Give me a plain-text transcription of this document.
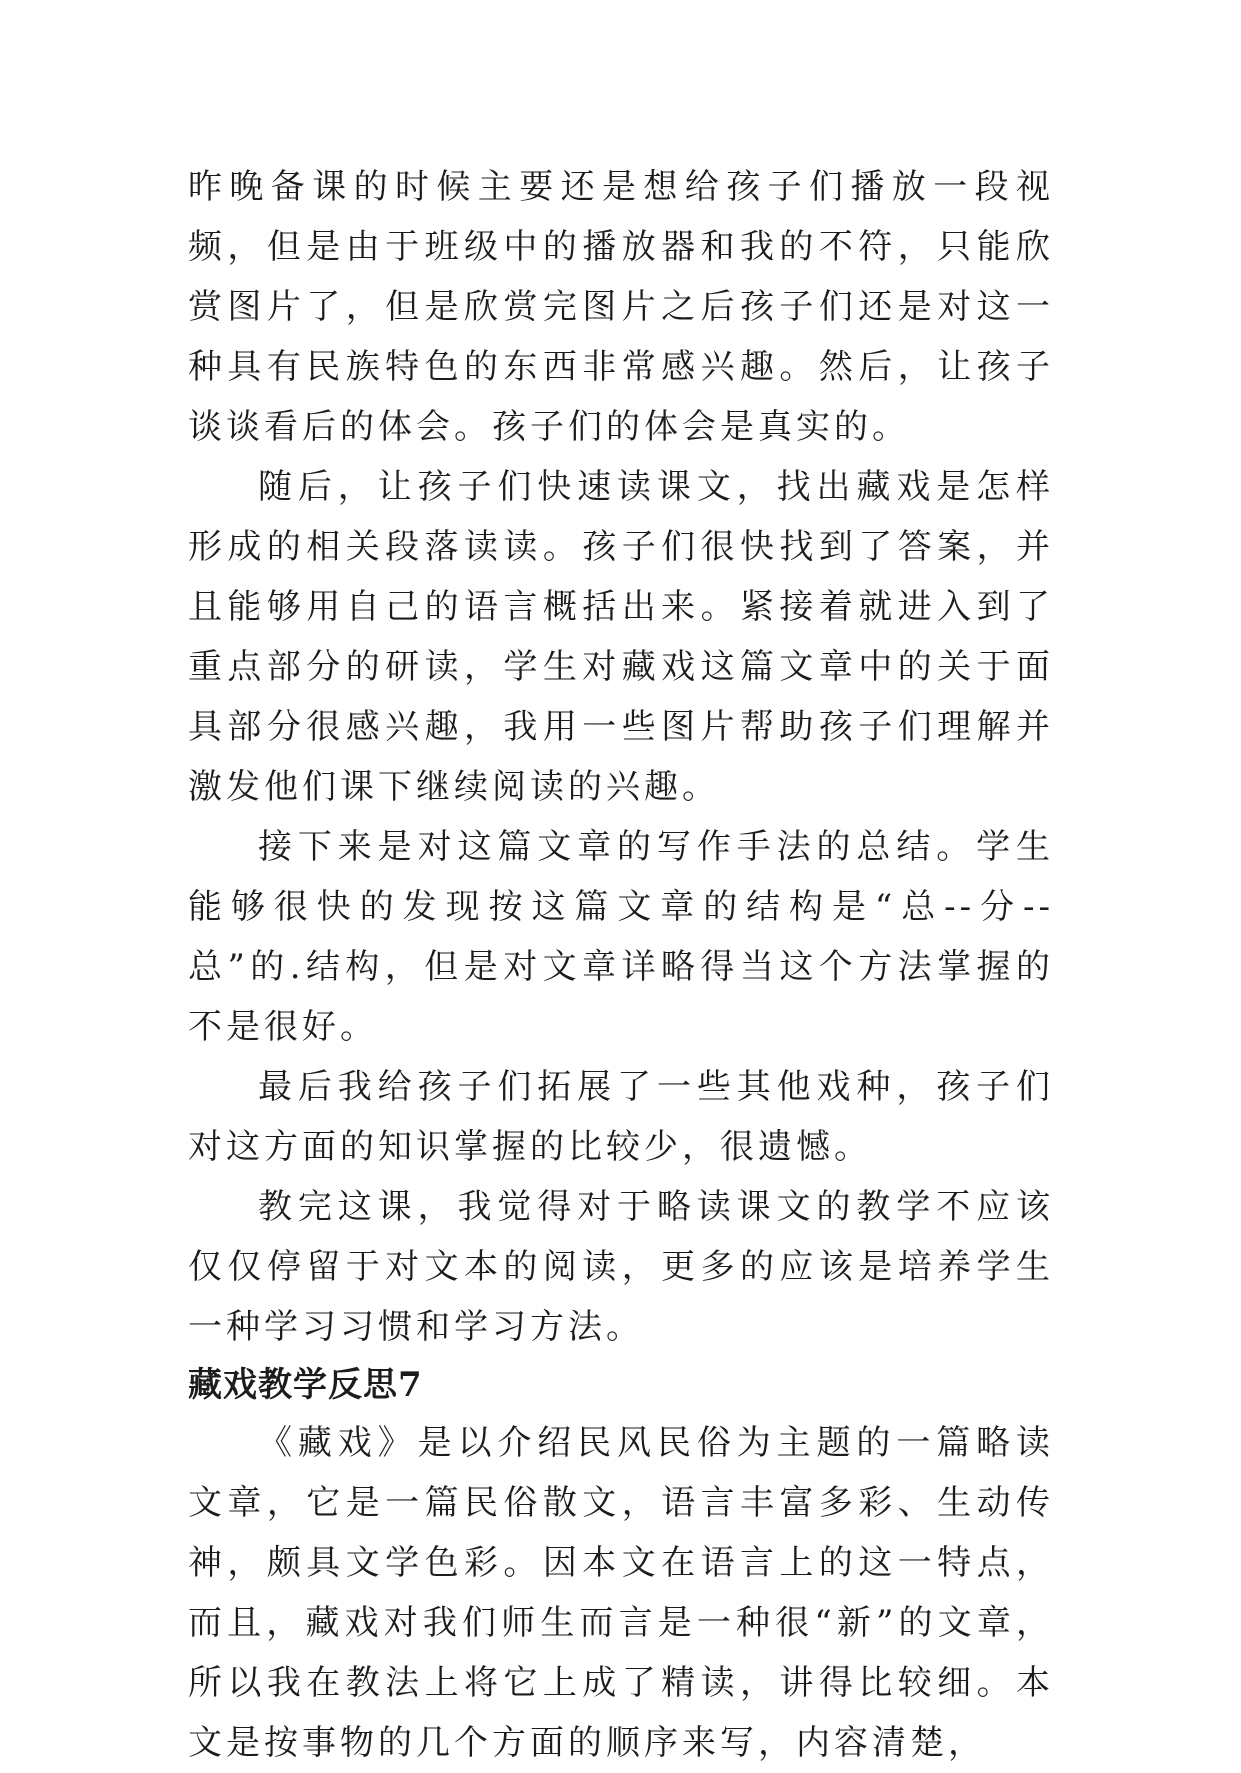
昨晚备课的时候主要还是想给孩子们播放一段视频，但是由于班级中的播放器和我的不符，只能欣赏图片了，但是欣赏完图片之后孩子们还是对这一种具有民族特色的东西非常感兴趣。然后，让孩子谈谈看后的体会。孩子们的体会是真实的。

随后，让孩子们快速读课文，找出藏戏是怎样形成的相关段落读读。孩子们很快找到了答案，并且能够用自己的语言概括出来。紧接着就进入到了重点部分的研读，学生对藏戏这篇文章中的关于面具部分很感兴趣，我用一些图片帮助孩子们理解并激发他们课下继续阅读的兴趣。

接下来是对这篇文章的写作手法的总结。学生能够很快的发现按这篇文章的结构是“总--分--总”的.结构，但是对文章详略得当这个方法掌握的不是很好。

最后我给孩子们拓展了一些其他戏种，孩子们对这方面的知识掌握的比较少，很遗憾。

教完这课，我觉得对于略读课文的教学不应该仅仅停留于对文本的阅读，更多的应该是培养学生一种学习习惯和学习方法。

藏戏教学反思7

《藏戏》是以介绍民风民俗为主题的一篇略读文章，它是一篇民俗散文，语言丰富多彩、生动传神，颇具文学色彩。因本文在语言上的这一特点，而且，藏戏对我们师生而言是一种很“新”的文章，所以我在教法上将它上成了精读，讲得比较细。本文是按事物的几个方面的顺序来写，内容清楚，
